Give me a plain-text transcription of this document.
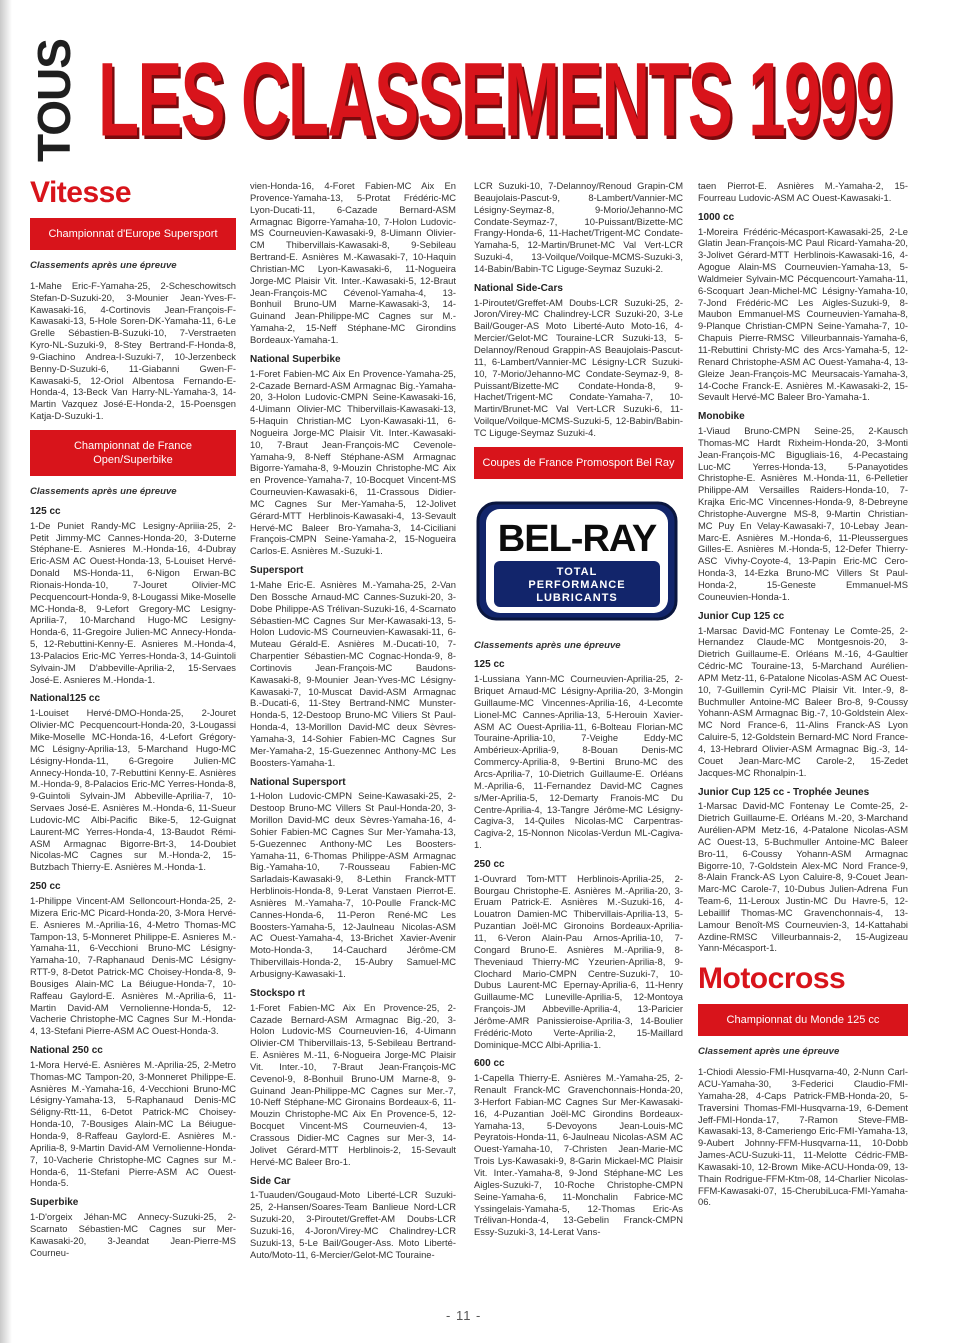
TOUS LES CLASSEMENTS 1999
Vitesse
Championnat d'Europe Supersport
Classements après une épreuve
1-Mahe Eric-F-Yamaha-25, 2-Scheschowitsch Stefan-D-Suzuki-20, 3-Mounier Jean-Yves-F-Kawasaki-16, 4-Cortinovis Jean-François-F-Kawasaki-13, 5-Hole Soren-DK-Yamaha-11, 6-Le Grelle Sébastien-B-Suzuki-10, 7-Verstraeten Kyro-NL-Suzuki-9, 8-Stey Bertrand-F-Honda-8, 9-Giachino Andrea-I-Suzuki-7, 10-Jerzenbeck Benny-D-Suzuki-6, 11-Giabanni Gwen-F-Kawasaki-5, 12-Oriol Albentosa Fernando-E-Honda-4, 13-Beck Van Harry-NL-Yamaha-3, 14-Martin Vazquez José-E-Honda-2, 15-Poensgen Katja-D-Suzuki-1.
Championnat de France Open/Superbike
Classements après une épreuve
125 cc
1-De Puniet Randy-MC Lesigny-Apriiia-25, 2-Petit Jimmy-MC Cannes-Honda-20, 3-Duterne Stéphane-E. Asnieres M.-Honda-16, 4-Dubray Eric-ASM AC Ouest-Honda-13, 5-Louiset Hervé-Donald MS-Honda-11, 6-Nigon Erwan-BC Rionais-Honda-10, 7-Jouret Olivier-MC Pecquencourt-Honda-9, 8-Lougassi Mike-Moselle MC-Honda-8, 9-Lefort Gregory-MC Lesigny-Aprilia-7, 10-Marchand Hugo-MC Lesigny-Honda-6, 11-Gregoire Julien-MC Annecy-Honda-5, 12-Rebuttini-Kenny-E. Asnieres M.-Honda-4, 13-Palacios Eric-MC Yerres-Honda-3, 14-Guintoli Sylvain-JM D'abbeville-Aprilia-2, 15-Servaes José-E. Asnieres M.-Honda-1.
National125 cc
1-Louiset Hervé-DMO-Honda-25, 2-Jouret Olivier-MC Pecquencourt-Honda-20, 3-Lougassi Mike-Moselle MC-Honda-16, 4-Lefort Grégory-MC Lésigny-Aprilia-13, 5-Marchand Hugo-MC Lésigny-Honda-11, 6-Gregoire Julien-MC Annecy-Honda-10, 7-Rebuttini Kenny-E. Asnières M.-Honda-9, 8-Palacios Eric-MC Yerres-Honda-8, 9-Guintoli Sylvain-JM Abbeville-Aprilia-7, 10-Servaes José-E. Asnières M.-Honda-6, 11-Sueur Ludovic-MC Albi-Pacific Bike-5, 12-Guignat Laurent-MC Yerres-Honda-4, 13-Baudot Rémi-ASM Armagnac Bigorre-Brt-3, 14-Doubiet Nicolas-MC Cagnes sur M.-Honda-2, 15-Butzbach Thierry-E. Asnières M.-Honda-1.
250 cc
1-Philippe Vincent-AM Selloncourt-Honda-25, 2-Mizera Eric-MC Picard-Honda-20, 3-Mora Hervé-E. Asnieres M.-Aprilia-16, 4-Metro Thomas-MC Tampon-13, 5-Monneret Philippe-E. Asnieres M.-Yamaha-11, 6-Vecchioni Bruno-MC Lésigny-Yamaha-10, 7-Raphanaud Denis-MC Lésigny-RTT-9, 8-Detot Patrick-MC Choisey-Honda-8, 9-Bousiges Alain-MC La Béiugue-Honda-7, 10-Raffeau Gaylord-E. Asnières M.-Aprilia-6, 11-Martin David-AM Vernolienne-Honda-5, 12-Vacherie Christophe-MC Cagnes Sur M.-Honda-4, 13-Stefani Pierre-ASM AC Ouest-Honda-3.
National 250 cc
1-Mora Hervé-E. Asnières M.-Aprilia-25, 2-Metro Thomas-MC Tampon-20, 3-Monneret Philippe-E. Asnières M.-Yamaha-16, 4-Vecchioni Bruno-MC Lésigny-Yamaha-13, 5-Raphanaud Denis-MC Séligny-Rtt-11, 6-Detot Patrick-MC Choisey-Honda-10, 7-Bousiges Alain-MC La Béiugue-Honda-9, 8-Raffeau Gaylord-E. Asnières M.-Aprilia-8, 9-Martin David-AM Vernolienne-Honda-7, 10-Vacherie Christophe-MC Cagnes sur M.-Honda-6, 11-Stefani Pierre-ASM AC Ouest-Honda-5.
Superbike
1-D'orgeix Jéhan-MC Annecy-Suzuki-25, 2-Scarnato Sébastien-MC Cagnes sur Mer-Kawasaki-20, 3-Jeandat Jean-Pierre-MS Courneu-
vien-Honda-16, 4-Foret Fabien-MC Aix En Provence-Yamaha-13, 5-Protat Frédéric-MC Lyon-Ducati-11, 6-Cazade Bernard-ASM Armagnac Bigorre-Yamaha-10, 7-Holon Ludovic-MS Courneuvien-Kawasaki-9, 8-Uimann Olivier-CM Thibervillais-Kawasaki-8, 9-Sebileau Bertrand-E. Asnières M.-Kawasaki-7, 10-Haquin Christian-MC Lyon-Kawasaki-6, 11-Nogueira Jorge-MC Plaisir Vit. Inter.-Kawasaki-5, 12-Braut Jean-François-MC Cévenol-Yamaha-4, 13-Bonhuil Bruno-UM Marne-Kawasaki-3, 14-Guinand Jean-Philippe-MC Cagnes sur M.-Yamaha-2, 15-Neff Stéphane-MC Girondins Bordeaux-Yamaha-1.
National Superbike
1-Foret Fabien-MC Aix En Provence-Yamaha-25, 2-Cazade Bernard-ASM Armagnac Big.-Yamaha-20, 3-Holon Ludovic-CMPN Seine-Kawasaki-16, 4-Uimann Olivier-MC Thibervillais-Kawasaki-13, 5-Haquin Christian-MC Lyon-Kawasaki-11, 6-Nogueira Jorge-MC Plaisir Vit. Inter.-Kawasaki-10, 7-Braut Jean-François-MC Cevenole-Yamaha-9, 8-Neff Stéphane-ASM Armagnac Bigorre-Yamaha-8, 9-Mouzin Christophe-MC Aix en Provence-Yamaha-7, 10-Bocquet Vincent-MS Courneuvien-Kawasaki-6, 11-Crassous Didier-MC Cagnes Sur Mer-Yamaha-5, 12-Jolivet Gérard-MTT Herblinois-Kawasaki-4, 13-Sevault Hervé-MC Baleer Bro-Yamaha-3, 14-Ciciliani François-CMPN Seine-Yamaha-2, 15-Nogueira Carlos-E. Asnières M.-Suzuki-1.
Supersport
1-Mahe Eric-E. Asnières M.-Yamaha-25, 2-Van Den Bossche Arnaud-MC Cannes-Suzuki-20, 3-Dobe Philippe-AS Trélivan-Suzuki-16, 4-Scarnato Sébastien-MC Cagnes Sur Mer-Kawasaki-13, 5-Holon Ludovic-MS Courneuvien-Kawasaki-11, 6-Muteau Gérald-E. Asnières M.-Ducati-10, 7-Charpentier Sébastien-MC Cognac-Honda-9, 8-Cortinovis Jean-François-MC Baudons-Kawasaki-8, 9-Mounier Jean-Yves-MC Lésigny-Kawasaki-7, 10-Muscat David-ASM Armagnac B.-Ducati-6, 11-Stey Bertrand-NMC Munster-Honda-5, 12-Destoop Bruno-MC Viliers St Paul-Honda-4, 13-Morillon David-MC deux Sèvres-Yamaha-3, 14-Sohier Fabien-MC Cagnes Sur Mer-Yamaha-2, 15-Guezennec Anthony-MC Les Boosters-Yamaha-1.
National Supersport
1-Holon Ludovic-CMPN Seine-Kawasaki-25, 2-Destoop Bruno-MC Villers St Paul-Honda-20, 3-Morillon David-MC deux Sèvres-Yamaha-16, 4-Sohier Fabien-MC Cagnes Sur Mer-Yamaha-13, 5-Guezennec Anthony-MC Les Boosters-Yamaha-11, 6-Thomas Philippe-ASM Armagnac Big.-Yamaha-10, 7-Rousseau Fabien-MC Sarladais-Kawasaki-9, 8-Lethin Franck-MTT Herblinois-Honda-8, 9-Lerat Vanstaen Pierrot-E. Asnières M.-Yamaha-7, 10-Poulle Franck-MC Cannes-Honda-6, 11-Peron René-MC Les Boosters-Yamaha-5, 12-Jaulneau Nicolas-ASM AC Ouest-Yamaha-4, 13-Brichet Xavier-Avenir Moto-Honda-3, 14-Cauchard Jérôme-CM Thibervillais-Honda-2, 15-Aubry Samuel-MC Arbusigny-Kawasaki-1.
Stockspo rt
1-Foret Fabien-MC Aix En Provence-25, 2-Cazade Bernard-ASM Armagnac Big.-20, 3-Holon Ludovic-MS Courneuvien-16, 4-Uimann Olivier-CM Thibervillais-13, 5-Sebileau Bertrand-E. Asnières M.-11, 6-Nogueira Jorge-MC Plaisir Vit. Inter.-10, 7-Braut Jean-François-MC Cevenol-9, 8-Bonhuil Bruno-UM Marne-8, 9-Guinand Jean-Philippe-MC Cagnes sur Mer.-7, 10-Neff Stéphane-MC Gironains Bordeaux-6, 11-Mouzin Christophe-MC Aix En Provence-5, 12-Bocquet Vincent-MS Courneuvien-4, 13-Crassous Didier-MC Cagnes sur Mer-3, 14-Jolivet Gérard-MTT Herblinois-2, 15-Sevault Hervé-MC Baleer Bro-1.
Side Car
1-Tuauden/Gougaud-Moto Liberté-LCR Suzuki-25, 2-Hansen/Soares-Team Banlieue Nord-LCR Suzuki-20, 3-Piroutet/Greffet-AM Doubs-LCR Suzuki-16, 4-Joron/Virey-MC Chalindrey-LCR Suzuki-13, 5-Le Bail/Gouger-Ass. Moto Liberté-Auto/Moto-11, 6-Mercier/Gelot-MC Touraine-
LCR Suzuki-10, 7-Delannoy/Renoud Grapin-CM Beaujolais-Pascut-9, 8-Lambert/Vannier-MC Lésigny-Seymaz-8, 9-Morio/Jehanno-MC Condate-Seymaz-7, 10-Puissant/Bizette-MC Frangy-Honda-6, 11-Hachet/Trigent-MC Condate-Yamaha-5, 12-Martin/Brunet-MC Val Vert-LCR Suzuki-4, 13-Voilque/Voilque-MCMS-Suzuki-3, 14-Babin/Babin-TC Liguge-Seymaz Suzuki-2.
National Side-Cars
1-Piroutet/Greffet-AM Doubs-LCR Suzuki-25, 2-Joron/Virey-MC Chalindrey-LCR Suzuki-20, 3-Le Bail/Gouger-AS Moto Liberté-Auto Moto-16, 4-Mercier/Gelot-MC Touraine-LCR Suzuki-13, 5-Delannoy/Renoud Grappin-AS Beaujolais-Pascut-11, 6-Lambert/Vannier-MC Lésigny-LCR Suzuki-10, 7-Morio/Jehanno-MC Condate-Seymaz-9, 8-Puissant/Bizette-MC Condate-Honda-8, 9-Hachet/Trigent-MC Condate-Yamaha-7, 10-Martin/Brunet-MC Val Vert-LCR Suzuki-6, 11-Voilque/Voilque-MCMS-Suzuki-5, 12-Babin/Babin-TC Liguge-Seymaz Suzuki-4.
Coupes de France Promosport Bel Ray
BEL-RAY
TOTAL
PERFORMANCE
LUBRICANTS
Classements après une épreuve
125 cc
1-Lussiana Yann-MC Courneuvien-Aprilia-25, 2-Briquet Arnaud-MC Lésigny-Aprilia-20, 3-Mongin Guillaume-MC Vincennes-Aprilia-16, 4-Lecomte Lionel-MC Cannes-Aprilia-13, 5-Herouin Xavier-ASM AC Ouest-Aprilia-11, 6-Bolteau Florian-MC Touraine-Aprilia-10, 7-Veighe Eddy-MC Ambérieux-Aprilia-9, 8-Bouan Denis-MC Commercy-Aprilia-8, 9-Bertini Bruno-MC des Arcs-Aprilia-7, 10-Dietrich Guillaume-E. Orléans M.-Aprilia-6, 11-Fernandez David-MC Cagnes s/Mer-Aprilia-5, 12-Demarty Franois-MC Du Centre-Aprilia-4, 13-Tangre Jérôme-MC Lésigny-Cagiva-3, 14-Quiles Nicolas-MC Carpentras-Cagiva-2, 15-Nonnon Nicolas-Verdun ML-Cagiva-1.
250 cc
1-Ouvrard Tom-MTT Herblinois-Aprilia-25, 2-Bourgau Christophe-E. Asnières M.-Aprilia-20, 3-Eruam Patrick-E. Asnières M.-Suzuki-16, 4-Louatron Damien-MC Thibervillais-Aprilia-13, 5-Puzantian Joël-MC Gironoins Bordeaux-Aprilia-11, 6-Veron Alain-Pau Arnos-Aprilia-10, 7-Congard Bruno-E. Asnières M.-Aprilia-9, 8-Theveniaud Thierry-MC Yzeurien-Aprilia-8, 9-Clochard Mario-CMPN Centre-Suzuki-7, 10-Dubus Laurent-MC Epernay-Aprilia-6, 11-Henry Guillaume-MC Luneville-Aprilia-5, 12-Montoya François-JM Abbeville-Aprilia-4, 13-Paricier Jérôme-AMR Panissieroise-Aprilia-3, 14-Boulier Frédéric-Moto Verte-Aprilia-2, 15-Maillard Dominique-MCC Albi-Aprilia-1.
600 cc
1-Capella Thierry-E. Asnières M.-Yamaha-25, 2-Renault Franck-MC Gravenchonnais-Honda-20, 3-Herfort Fabian-MC Cagnes Sur Mer-Kawasaki-16, 4-Puzantian Joël-MC Girondins Bordeaux-Yamaha-13, 5-Devoyons Jean-Louis-MC Peyratois-Honda-11, 6-Jaulneau Nicolas-ASM AC Ouest-Yamaha-10, 7-Christen Jean-Marie-MC Trois Lys-Kawasaki-9, 8-Garin Mickael-MC Plaisir Vit. Inter.-Yamaha-8, 9-Jond Stéphane-MC Les Aigles-Suzuki-7, 10-Roche Christophe-CMPN Seine-Yamaha-6, 11-Monchalin Fabrice-MC Yssingelais-Yamaha-5, 12-Thomas Eric-As Trélivan-Honda-4, 13-Gebelin Franck-CMPN Essy-Suzuki-3, 14-Lerat Vans-
taen Pierrot-E. Asnières M.-Yamaha-2, 15-Fourreau Ludovic-ASM AC Ouest-Kawasaki-1.
1000 cc
1-Moreira Frédéric-Mécasport-Kawasaki-25, 2-Le Glatin Jean-François-MC Paul Ricard-Yamaha-20, 3-Jolivet Gérard-MTT Herblinois-Kawasaki-16, 4-Agogue Alain-MS Courneuvien-Yamaha-13, 5-Waldmeier Sylvain-MC Pécquencourt-Yamaha-11, 6-Scoquart Jean-Michel-MC Lésigny-Yamaha-10, 7-Jond Frédéric-MC Les Aigles-Suzuki-9, 8-Maubon Emmanuel-MS Courneuvien-Yamaha-8, 9-Planque Christian-CMPN Seine-Yamaha-7, 10-Chapuis Pierre-RMSC Villeurbannais-Yamaha-6, 11-Rebuttini Christy-MC des Arcs-Yamaha-5, 12-Renard Christophe-ASM AC Ouest-Yamaha-4, 13-Gleize Jean-François-MC Meursacais-Yamaha-3, 14-Coche Franck-E. Asnières M.-Kawasaki-2, 15-Sevault Hervé-MC Baleer Bro-Yamaha-1.
Monobike
1-Viaud Bruno-CMPN Seine-25, 2-Kausch Thomas-MC Hardt Rixheim-Honda-20, 3-Monti Jean-François-MC Bigugliais-16, 4-Pecastaing Luc-MC Yerres-Honda-13, 5-Panayotides Christophe-E. Asnières M.-Honda-11, 6-Pelletier Philippe-AM Versailles Raiders-Honda-10, 7-Krajka Eric-MC Vincennes-Honda-9, 8-Debreyne Christophe-Auvergne MS-8, 9-Martin Christian-MC Puy En Velay-Kawasaki-7, 10-Lebay Jean-Marc-E. Asnières M.-Honda-6, 11-Pleussergues Gilles-E. Asnières M.-Honda-5, 12-Defer Thierry-ASC Vivhy-Coyote-4, 13-Papin Eric-MC Cero-Honda-3, 14-Ezka Bruno-MC Villers St Paul-Honda-2, 15-Geneste Emmanuel-MS Couneuvien-Honda-1.
Junior Cup 125 cc
1-Marsac David-MC Fontenay Le Comte-25, 2-Hernandez Claude-MC Montgesnois-20, 3-Dietrich Guillaume-E. Orléans M.-16, 4-Gaultier Cédric-MC Touraine-13, 5-Marchand Aurélien-APM Metz-11, 6-Patalone Nicolas-ASM AC Ouest-10, 7-Guillemin Cyril-MC Plaisir Vit. Inter.-9, 8-Buchmuller Antoine-MC Baleer Bro-8, 9-Coussy Yohann-ASM Armagnac Big.-7, 10-Goldstein Alex-MC Nord France-6, 11-Alins Franck-AS Lyon Caluire-5, 12-Goldstein Bernard-MC Nord France-4, 13-Hebrard Olivier-ASM Armagnac Big.-3, 14-Couet Jean-Marc-MC Carole-2, 15-Zedet Jacques-MC Rhonalpin-1.
Junior Cup 125 cc - Trophée Jeunes
1-Marsac David-MC Fontenay Le Comte-25, 2-Dietrich Guillaume-E. Orléans M.-20, 3-Marchand Aurélien-APM Metz-16, 4-Patalone Nicolas-ASM AC Ouest-13, 5-Buchmuller Antoine-MC Baleer Bro-11, 6-Coussy Yohann-ASM Armagnac Bigorre-10, 7-Goldstein Alex-MC Nord France-9, 8-Alain Franck-AS Lyon Caluire-8, 9-Couet Jean-Marc-MC Carole-7, 10-Dubus Julien-Adrena Fun Team-6, 11-Leroux Justin-MC Du Havre-5, 12-Lebaillif Thomas-MC Gravenchonnais-4, 13-Lamour Benoît-MS Courneuvien-3, 14-Kattahabi Azdine-RMSC Villeurbannais-2, 15-Augizeau Yann-Mécasport-1.
Motocross
Championnat du Monde 125 cc
Classement après une épreuve
1-Chiodi Alessio-FMI-Husqvarna-40, 2-Nunn Carl-ACU-Yamaha-30, 3-Federici Claudio-FMI-Yamaha-28, 4-Caps Patrick-FMB-Honda-20, 5-Traversini Thomas-FMI-Husqvarna-19, 6-Dement Jeff-FMI-Honda-17, 7-Ramon Steve-FMB-Kawasaki-13, 8-Cameriengo Eric-FMI-Yamaha-13, 9-Aubert Johnny-FFM-Husqvarna-11, 10-Dobb James-ACU-Suzuki-11, 11-Melotte Cédric-FMB-Kawasaki-10, 12-Brown Mike-ACU-Honda-09, 13-Thain Rodrigue-FFM-Ktm-08, 14-Charlier Nicolas-FFM-Kawasaki-07, 15-CherubiLuca-FMI-Yamaha-06.
- 11 -
